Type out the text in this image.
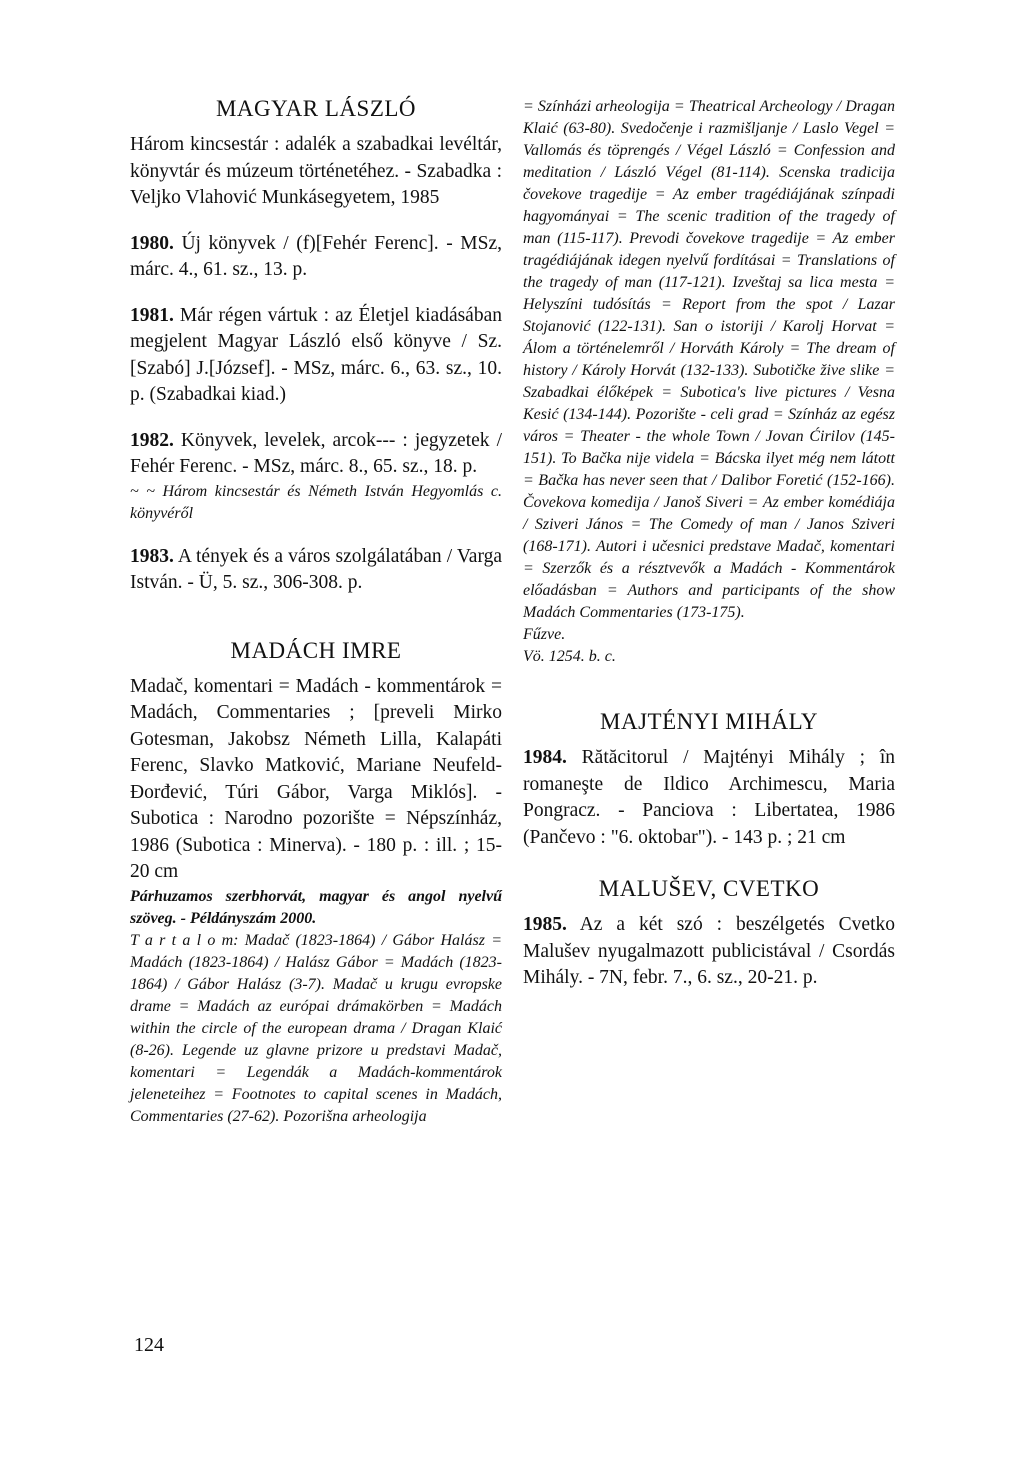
MAGYAR LÁSZLÓ

Három kincsestár : adalék a szabadkai levéltár, könyvtár és múzeum történetéhez. - Szabadka : Veljko Vlahović Munkásegyetem, 1985

1980. Új könyvek / (f)[Fehér Ferenc]. - MSz, márc. 4., 61. sz., 13. p.

1981. Már régen vártuk : az Életjel kiadásában megjelent Magyar László első könyve / Sz.[Szabó] J.[József]. - MSz, márc. 6., 63. sz., 10. p. (Szabadkai kiad.)

1982. Könyvek, levelek, arcok--- : jegyzetek / Fehér Ferenc. - MSz, márc. 8., 65. sz., 18. p.

~ ~ Három kincsestár és Németh István Hegyomlás c. könyvéről

1983. A tények és a város szolgálatában / Varga István. - Ü, 5. sz., 306-308. p.

MADÁCH IMRE

Madač, komentari = Madách - kommentárok = Madách, Commentaries ; [preveli Mirko Gotesman, Jakobsz Németh Lilla, Kalapáti Ferenc, Slavko Matković, Mariane Neufeld-Đorđević, Túri Gábor, Varga Miklós]. - Subotica : Narodno pozorište = Népszínház, 1986 (Subotica : Minerva). - 180 p. : ill. ; 15-20 cm

Párhuzamos szerbhorvát, magyar és angol nyelvű szöveg. - Példányszám 2000.

T a r t a l o m: Madač (1823-1864) / Gábor Halász = Madách (1823-1864) / Halász Gábor = Madách (1823-1864) / Gábor Halász (3-7). Madač u krugu evropske drame = Madách az európai drámakörben = Madách within the circle of the european drama / Dragan Klaić (8-26). Legende uz glavne prizore u predstavi Madač, komentari = Legendák a Madách-kommentárok jeleneteihez = Footnotes to capital scenes in Madách, Commentaries (27-62). Pozorišna arheologija

= Színházi arheologija = Theatrical Archeology / Dragan Klaić (63-80). Svedočenje i razmišljanje / Laslo Vegel = Vallomás és töprengés / Végel László = Confession and meditation / László Végel (81-114). Scenska tradicija čovekove tragedije = Az ember tragédiájának színpadi hagyományai = The scenic tradition of the tragedy of man (115-117). Prevodi čovekove tragedije = Az ember tragédiájának idegen nyelvű fordításai = Translations of the tragedy of man (117-121). Izveštaj sa lica mesta = Helyszíni tudósítás = Report from the spot / Lazar Stojanović (122-131). San o istoriji / Karolj Horvat = Álom a történelemről / Horváth Károly = The dream of history / Károly Horvát (132-133). Subotičke žive slike = Szabadkai élőképek = Subotica's live pictures / Vesna Kesić (134-144). Pozorište - celi grad = Színház az egész város = Theater - the whole Town / Jovan Ćirilov (145-151). To Bačka nije videla = Bácska ilyet még nem látott = Bačka has never seen that / Dalibor Foretić (152-166). Čovekova komedija / Janoš Siveri = Az ember komédiája / Sziveri János = The Comedy of man / Janos Sziveri (168-171). Autori i učesnici predstave Madač, komentari = Szerzők és a résztvevők a Madách - Kommentárok előadásban = Authors and participants of the show Madách Commentaries (173-175).

Fűzve.

Vö. 1254. b. c.

MAJTÉNYI MIHÁLY

1984. Rătăcitorul / Majtényi Mihály ; în romaneşte de Ildico Archimescu, Maria Pongracz. - Panciova : Libertatea, 1986 (Pančevo : "6. oktobar"). - 143 p. ; 21 cm

MALUŠEV, CVETKO

1985. Az a két szó : beszélgetés Cvetko Malušev nyugalmazott publicistával / Csordás Mihály. - 7N, febr. 7., 6. sz., 20-21. p.

124
